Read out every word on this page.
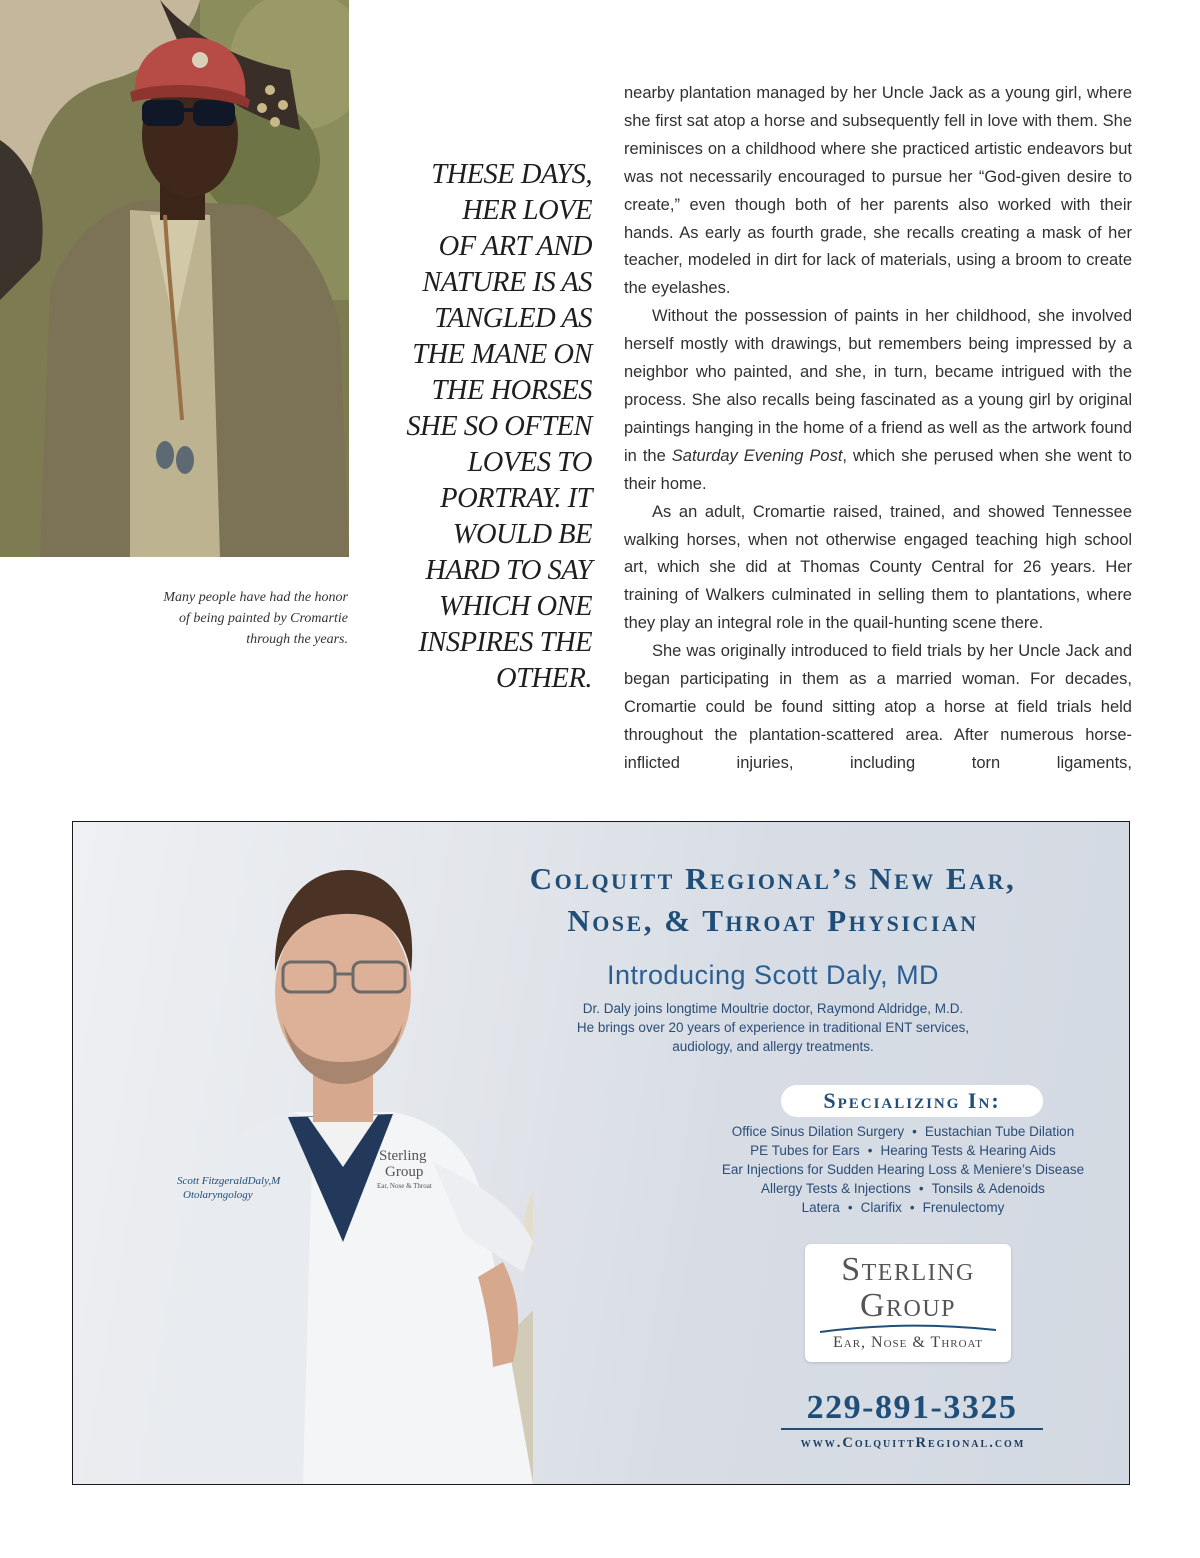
Many people have had the honor
of being painted by Cromartie
through the years.
THESE DAYS,
HER LOVE
OF ART AND
NATURE IS AS
TANGLED AS
THE MANE ON
THE HORSES
SHE SO OFTEN
LOVES TO
PORTRAY. IT
WOULD BE
HARD TO SAY
WHICH ONE
INSPIRES THE
OTHER.

nearby plantation managed by her Uncle Jack as a young girl, where she first sat atop a horse and subsequently fell in love with them. She reminisces on a childhood where she practiced artistic endeavors but was not necessarily encouraged to pursue her “God-given desire to create,” even though both of her parents also worked with their hands. As early as fourth grade, she recalls creating a mask of her teacher, modeled in dirt for lack of materials, using a broom to create the eyelashes.

Without the possession of paints in her childhood, she involved herself mostly with drawings, but remembers being impressed by a neighbor who painted, and she, in turn, became intrigued with the process. She also recalls being fascinated as a young girl by original paintings hanging in the home of a friend as well as the artwork found in the Saturday Evening Post, which she perused when she went to their home.

As an adult, Cromartie raised, trained, and showed Tennessee walking horses, when not otherwise engaged teaching high school art, which she did at Thomas County Central for 26 years. Her training of Walkers culminated in selling them to plantations, where they play an integral role in the quail-hunting scene there.

She was originally introduced to field trials by her Uncle Jack and began participating in them as a married woman. For decades, Cromartie could be found sitting atop a horse at field trials held throughout the plantation-scattered area. After numerous horse-inflicted injuries, including torn ligaments,

Scott FitzgeraldDaly,M
Otolaryngology
Sterling
Group
Ear, Nose & Throat
Colquitt Regional’s New Ear,
Nose, & Throat Physician
Introducing Scott Daly, MD
Dr. Daly joins longtime Moultrie doctor, Raymond Aldridge, M.D.
He brings over 20 years of experience in traditional ENT services,
audiology, and allergy treatments.
Specializing In:
Office Sinus Dilation Surgery • Eustachian Tube Dilation
PE Tubes for Ears • Hearing Tests & Hearing Aids
Ear Injections for Sudden Hearing Loss & Meniere’s Disease
Allergy Tests & Injections • Tonsils & Adenoids
Latera • Clarifix • Frenulectomy
Sterling
Group
Ear, Nose & Throat
229-891-3325
www.ColquittRegional.com
